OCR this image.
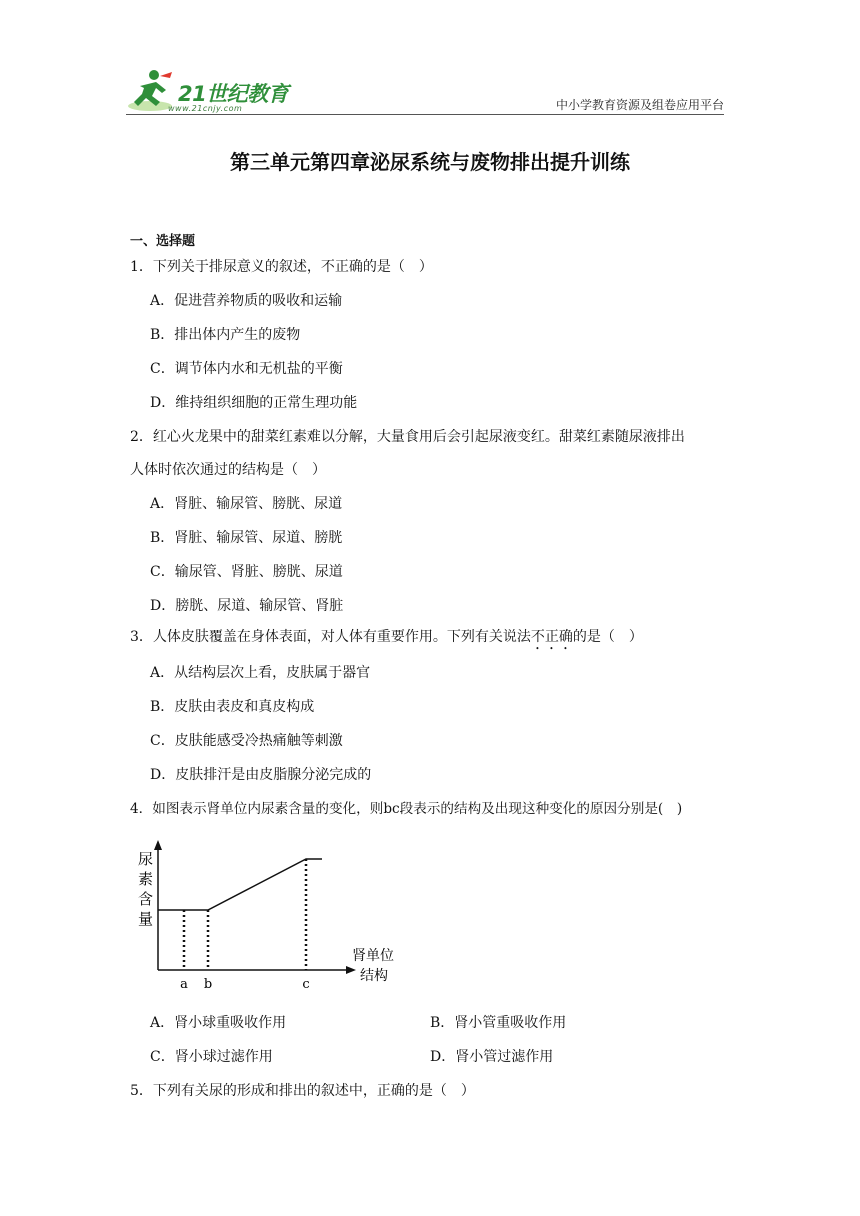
21世纪教育
www.21cnjy.com	中小学教育资源及组卷应用平台
第三单元第四章泌尿系统与废物排出提升训练
一、选择题
1．下列关于排尿意义的叙述，不正确的是（　）
A．促进营养物质的吸收和运输
B．排出体内产生的废物
C．调节体内水和无机盐的平衡
D．维持组织细胞的正常生理功能
2．红心火龙果中的甜菜红素难以分解，大量食用后会引起尿液变红。甜菜红素随尿液排出
人体时依次通过的结构是（　）
A．肾脏、输尿管、膀胱、尿道
B．肾脏、输尿管、尿道、膀胱
C．输尿管、肾脏、膀胱、尿道
D．膀胱、尿道、输尿管、肾脏
3．人体皮肤覆盖在身体表面，对人体有重要作用。下列有关说法不正确的是（　）
A．从结构层次上看，皮肤属于器官
B．皮肤由表皮和真皮构成
C．皮肤能感受冷热痛触等刺激
D．皮肤排汗是由皮脂腺分泌完成的
4．如图表示肾单位内尿素含量的变化，则bc段表示的结构及出现这种变化的原因分别是(　)
尿
素
含
量
肾单位
结构
a b	c
A．肾小球重吸收作用	B．肾小管重吸收作用
C．肾小球过滤作用	D．肾小管过滤作用
5．下列有关尿的形成和排出的叙述中，正确的是（　）
